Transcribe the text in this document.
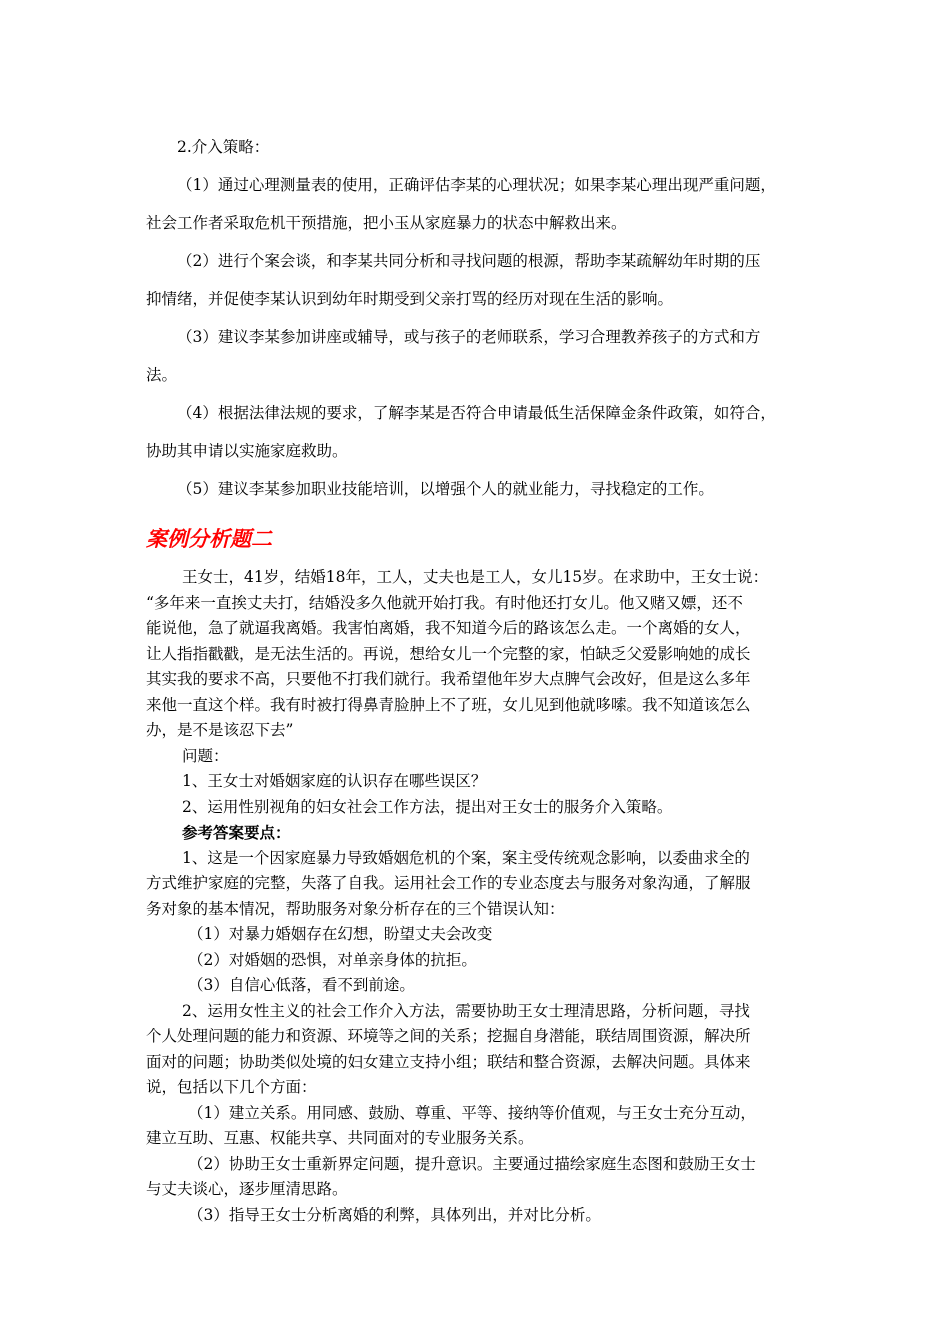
2.介入策略：
（1）通过心理测量表的使用，正确评估李某的心理状况；如果李某心理出现严重问题，
社会工作者采取危机干预措施，把小玉从家庭暴力的状态中解救出来。
（2）进行个案会谈，和李某共同分析和寻找问题的根源，帮助李某疏解幼年时期的压
抑情绪，并促使李某认识到幼年时期受到父亲打骂的经历对现在生活的影响。
（3）建议李某参加讲座或辅导，或与孩子的老师联系，学习合理教养孩子的方式和方
法。
（4）根据法律法规的要求，了解李某是否符合申请最低生活保障金条件政策，如符合，
协助其申请以实施家庭救助。
（5）建议李某参加职业技能培训，以增强个人的就业能力，寻找稳定的工作。
案例分析题二
王女士，41岁，结婚18年，工人，丈夫也是工人，女儿15岁。在求助中，王女士说：
“多年来一直挨丈夫打，结婚没多久他就开始打我。有时他还打女儿。他又赌又嫖，还不
能说他，急了就逼我离婚。我害怕离婚，我不知道今后的路该怎么走。一个离婚的女人，
让人指指戳戳，是无法生活的。再说，想给女儿一个完整的家，怕缺乏父爱影响她的成长
其实我的要求不高，只要他不打我们就行。我希望他年岁大点脾气会改好，但是这么多年
来他一直这个样。我有时被打得鼻青脸肿上不了班，女儿见到他就哆嗦。我不知道该怎么
办，是不是该忍下去”
问题：
1、王女士对婚姻家庭的认识存在哪些误区？
2、运用性别视角的妇女社会工作方法，提出对王女士的服务介入策略。
参考答案要点：
1、这是一个因家庭暴力导致婚姻危机的个案，案主受传统观念影响，以委曲求全的
方式维护家庭的完整，失落了自我。运用社会工作的专业态度去与服务对象沟通，了解服
务对象的基本情况，帮助服务对象分析存在的三个错误认知：
（1）对暴力婚姻存在幻想，盼望丈夫会改变
（2）对婚姻的恐惧，对单亲身体的抗拒。
（3）自信心低落，看不到前途。
2、运用女性主义的社会工作介入方法，需要协助王女士理清思路，分析问题，寻找
个人处理问题的能力和资源、环境等之间的关系；挖掘自身潜能，联结周围资源，解决所
面对的问题；协助类似处境的妇女建立支持小组；联结和整合资源，去解决问题。具体来
说，包括以下几个方面：
（1）建立关系。用同感、鼓励、尊重、平等、接纳等价值观，与王女士充分互动，
建立互助、互惠、权能共享、共同面对的专业服务关系。
（2）协助王女士重新界定问题，提升意识。主要通过描绘家庭生态图和鼓励王女士
与丈夫谈心，逐步厘清思路。
（3）指导王女士分析离婚的利弊，具体列出，并对比分析。
